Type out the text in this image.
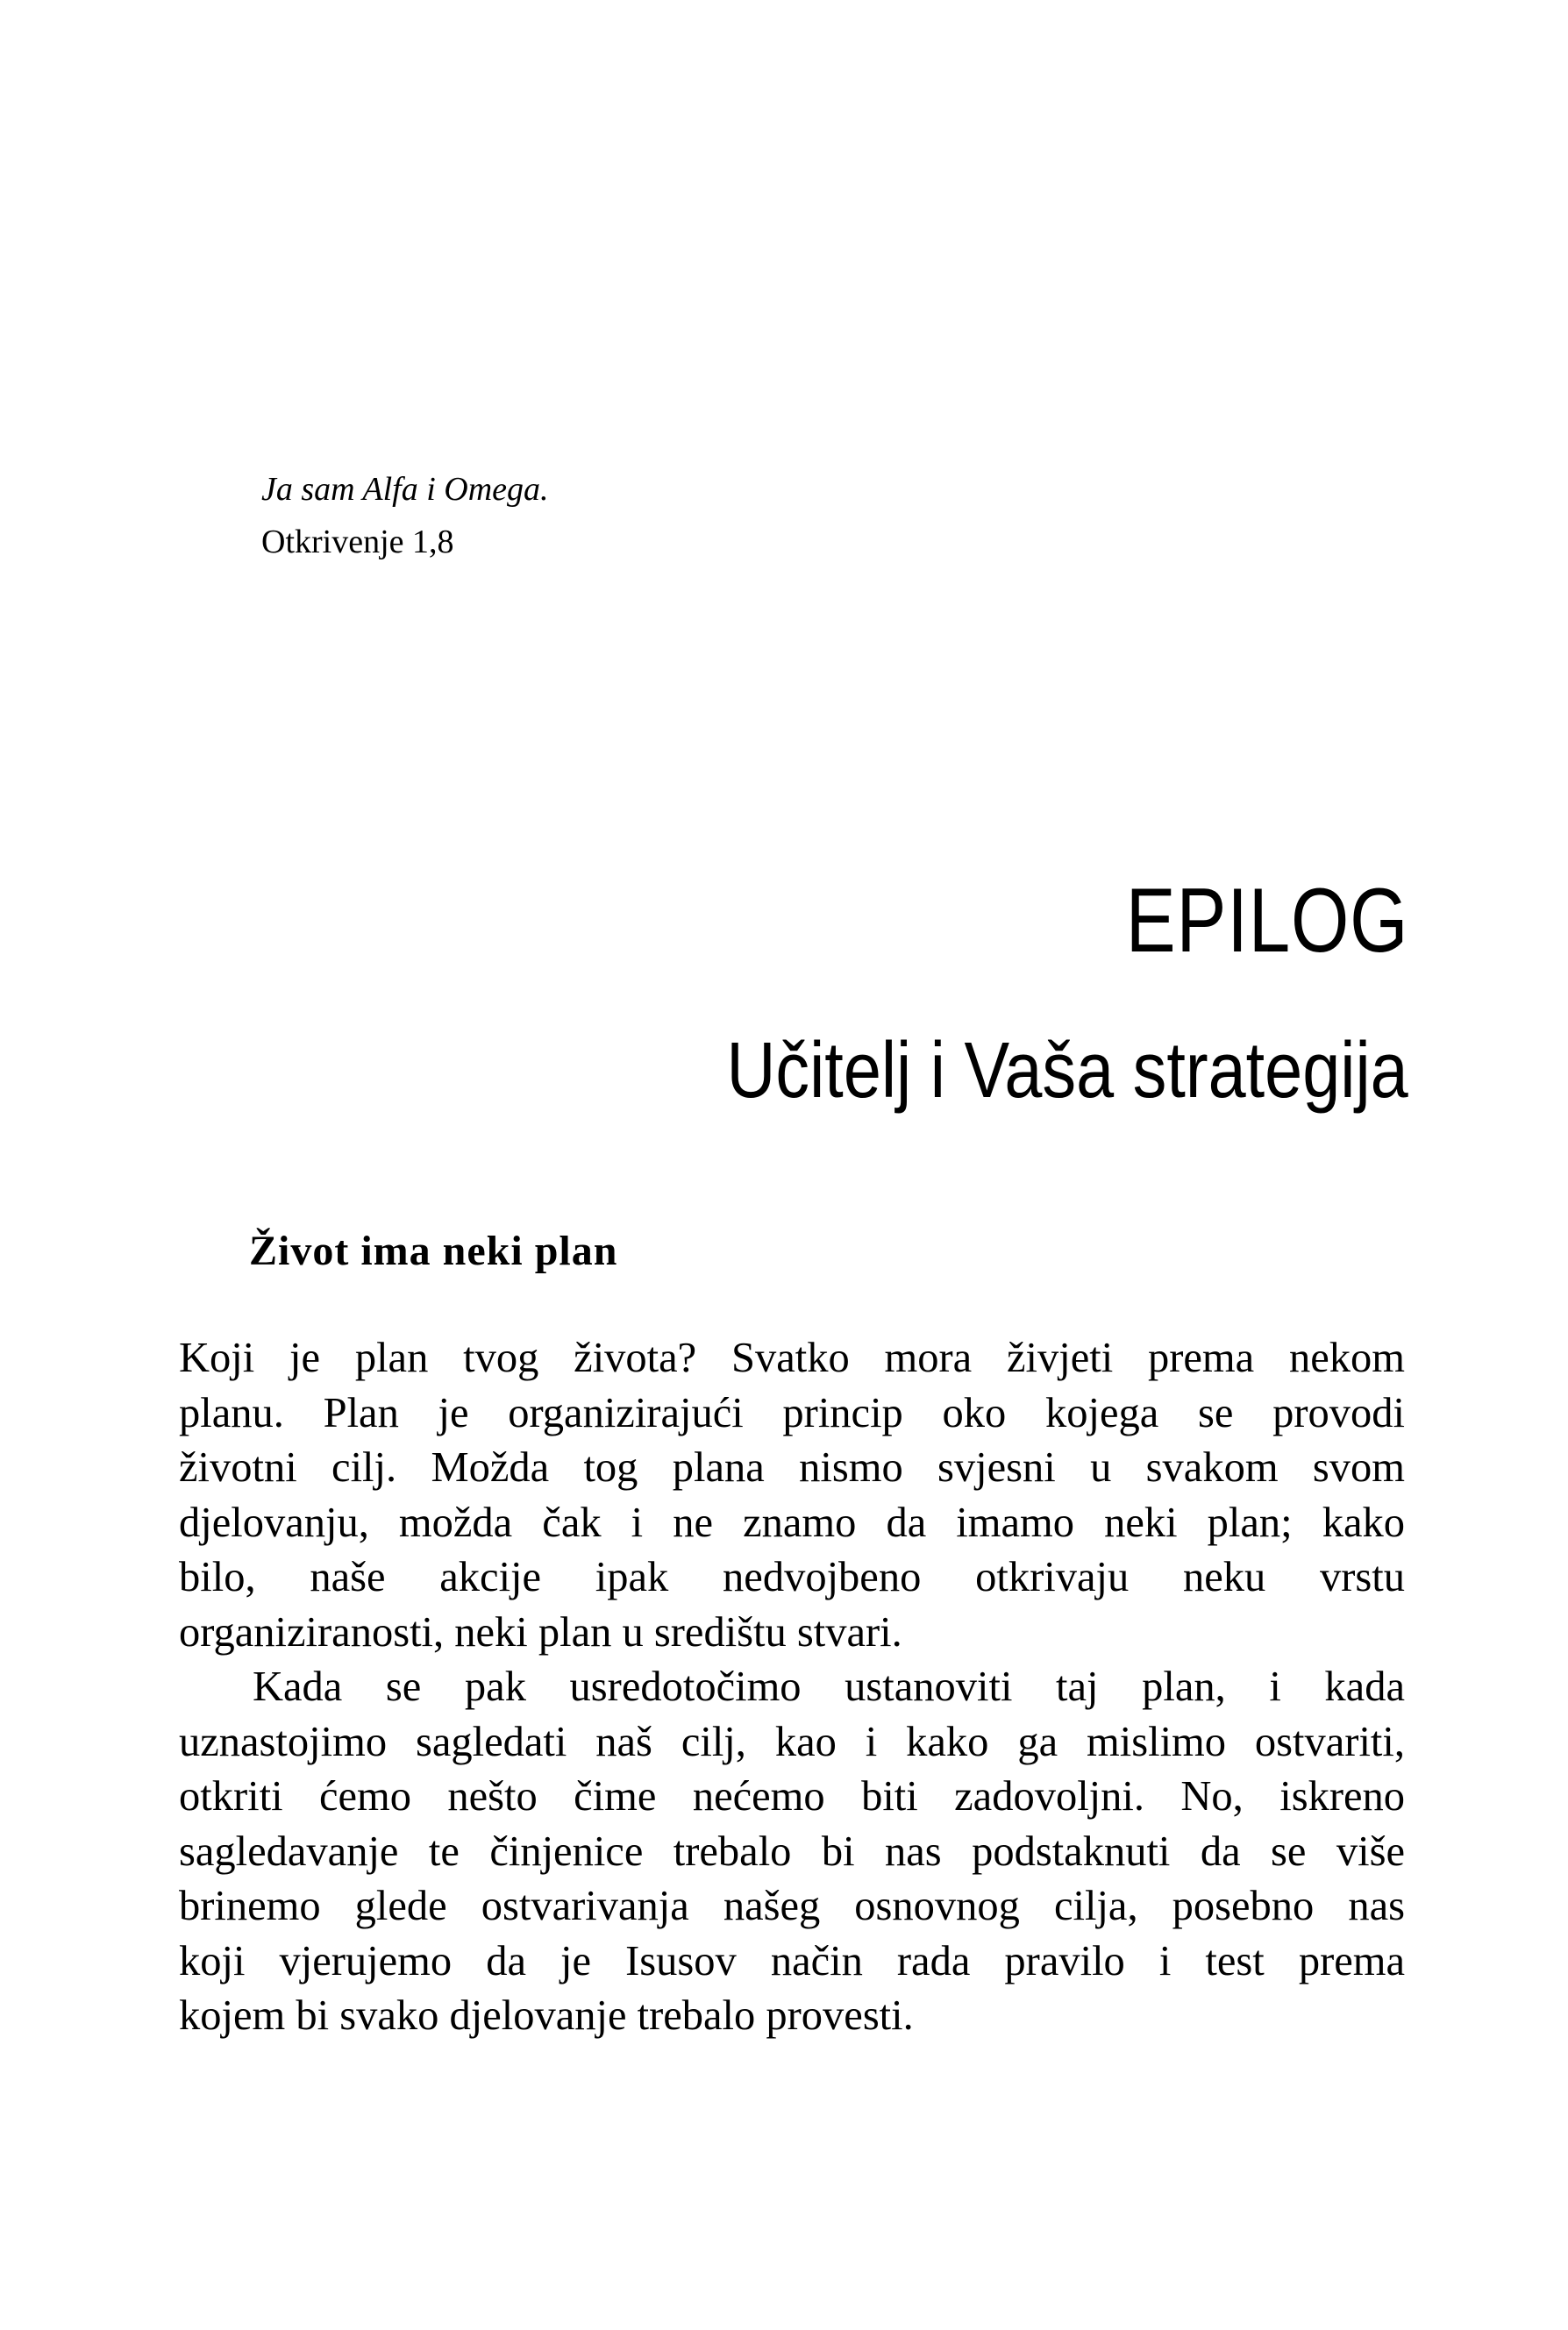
Ja sam Alfa i Omega.
Otkrivenje 1,8
EPILOG
Učitelj i Vaša strategija
Život ima neki plan
Koji je plan tvog života? Svatko mora živjeti prema nekom
planu. Plan je organizirajući princip oko kojega se provodi
životni cilj. Možda tog plana nismo svjesni u svakom svom
djelovanju, možda čak i ne znamo da imamo neki plan; kako
bilo, naše akcije ipak nedvojbeno otkrivaju neku vrstu
organiziranosti, neki plan u središtu stvari.
Kada se pak usredotočimo ustanoviti taj plan, i kada
uznastojimo sagledati naš cilj, kao i kako ga mislimo ostvariti,
otkriti ćemo nešto čime nećemo biti zadovoljni. No, iskreno
sagledavanje te činjenice trebalo bi nas podstaknuti da se više
brinemo glede ostvarivanja našeg osnovnog cilja, posebno nas
koji vjerujemo da je Isusov način rada pravilo i test prema
kojem bi svako djelovanje trebalo provesti.
